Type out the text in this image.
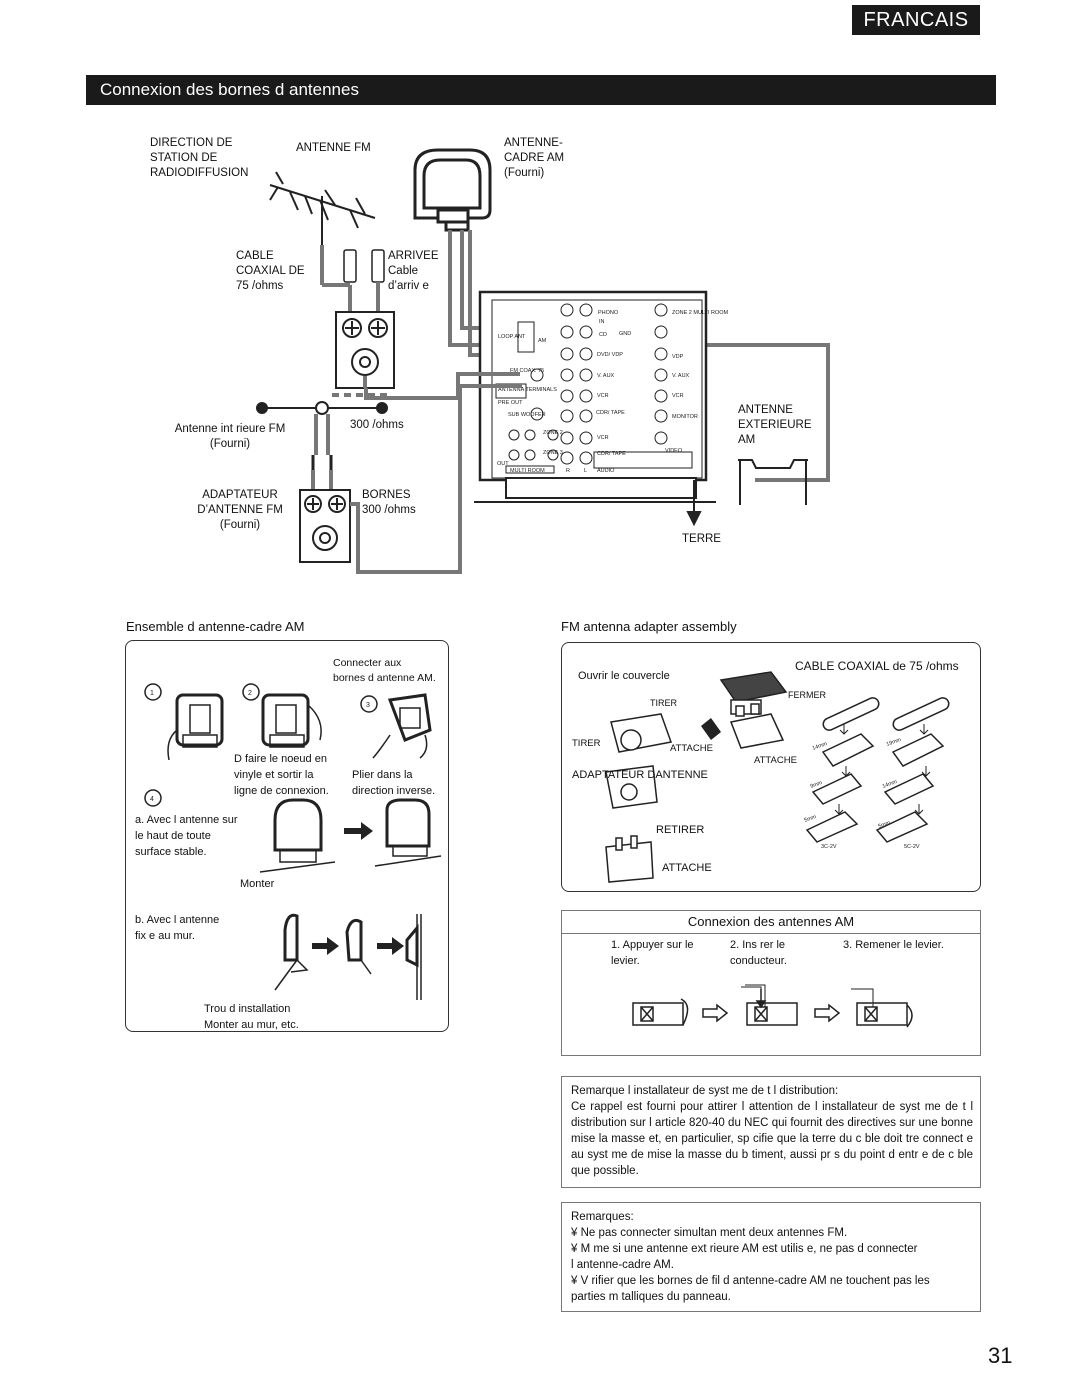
FRANCAIS
Connexion des bornes d antennes
PHONO
IN
CD
LOOP ANT
AM
DVD/ VDP
FM COAX. 75
V. AUX
ANTENNA TERMINALS
PRE OUT
VCR
SUB WOOFER	CDR/ TAPE
ZONE 2
ZONE 3
OUT
MULTI ROOM	AUDIO
R	L
ZONE 2 MULTI ROOM
MONITOR
VDP
V. AUX
VCR
VCR
CDR/ TAPE	VIDEO
GND
DIRECTION DE
STATION DE
RADIODIFFUSION
ANTENNE FM	ANTENNE-
CADRE AM
(Fourni)
CABLE
COAXIAL DE
75 /ohms
ARRIVEE
Cable
d’arriv e
Antenne int rieure FM
(Fourni)
300 /ohms
ADAPTATEUR
D’ANTENNE FM
(Fourni)
BORNES
300 /ohms
ANTENNE
EXTERIEURE
AM
TERRE
Ensemble d antenne-cadre AM
1	2
3
4
Connecter aux
bornes d antenne AM.
D faire le noeud en
vinyle et sortir la
ligne de connexion.
Plier dans la
direction inverse.
a. Avec l antenne sur
le haut de toute
surface stable.
Monter
b. Avec l antenne
fix e au mur.
Trou d installation
Monter au mur, etc.
FM antenna adapter assembly
14mm	19mm
9mm	14mm
5mm
5mm
3C-2V	5C-2V
Ouvrir le couvercle
CABLE COAXIAL de 75 /ohms
TIRER
FERMER
TIRER	ATTACHE
ATTACHE
ADAPTATEUR DANTENNE
RETIRER
ATTACHE
Connexion des antennes AM
1. Appuyer sur le
levier.
2. Ins rer le
conducteur.
3. Remener le levier.
Remarque l installateur de syst me de t l distribution:
Ce rappel est fourni pour attirer l attention de l installateur de syst me de t l distribution sur l article 820-40 du NEC qui fournit des directives sur une bonne mise la masse et, en particulier, sp cifie que la terre du c ble doit tre connect e au syst me de mise la masse du b timent, aussi pr s du point d entr e de c ble que possible.
Remarques:
¥ Ne pas connecter simultan ment deux antennes FM.
¥ M me si une antenne ext rieure AM est utilis e, ne pas d connecter
l antenne-cadre AM.
¥ V rifier que les bornes de fil d antenne-cadre AM ne touchent pas les
parties m talliques du panneau.
31
